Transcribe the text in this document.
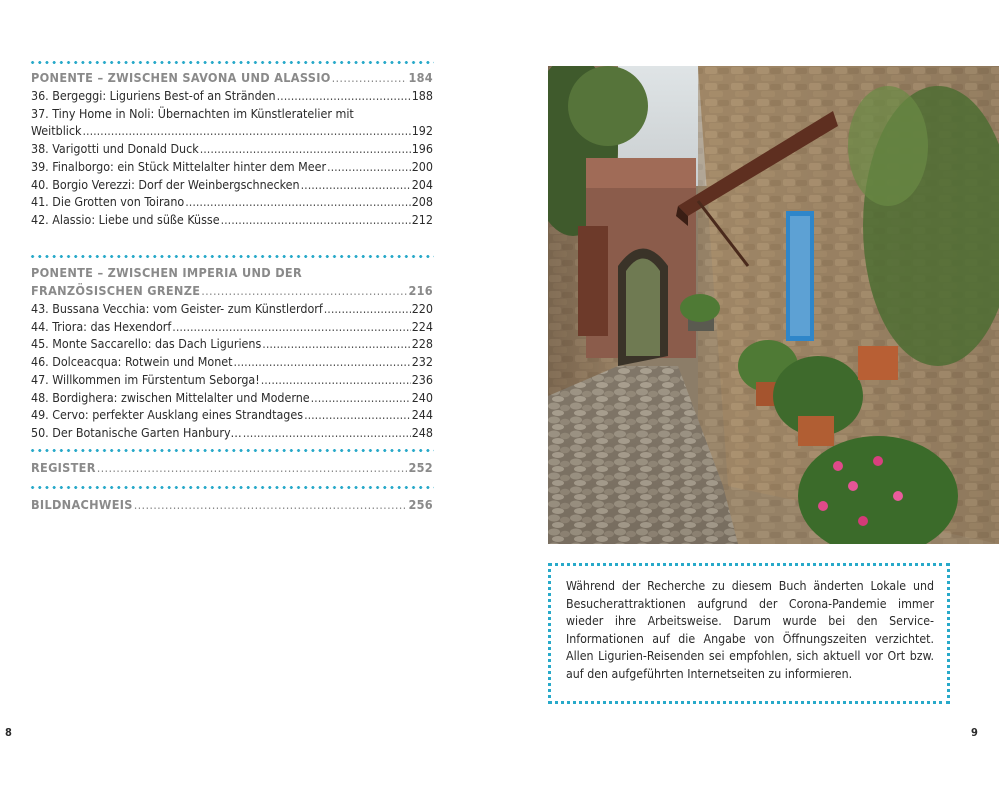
PONENTE – ZWISCHEN SAVONA UND ALASSIO .....	184
36. Bergeggi: Liguriens Best-of an Stränden .....	188
37. Tiny Home in Noli: Übernachten im Künstleratelier mit
Weitblick .....	192
38. Varigotti und Donald Duck .....	196
39. Finalborgo: ein Stück Mittelalter hinter dem Meer .....	200
40. Borgio Verezzi: Dorf der Weinbergschnecken .....	204
41. Die Grotten von Toirano .....	208
42. Alassio: Liebe und süße Küsse .....	212
PONENTE – ZWISCHEN IMPERIA UND DER
FRANZÖSISCHEN GRENZE .....	216
43. Bussana Vecchia: vom Geister- zum Künstlerdorf .....	220
44. Triora: das Hexendorf .....	224
45. Monte Saccarello: das Dach Liguriens .....	228
46. Dolceacqua: Rotwein und Monet .....	232
47. Willkommen im Fürstentum Seborga! .....	236
48. Bordighera: zwischen Mittelalter und Moderne .....	240
49. Cervo: perfekter Ausklang eines Strandtages .....	244
50. Der Botanische Garten Hanbury… .....	248
REGISTER .....	252
BILDNACHWEIS .....	256
8
Während der Recherche zu diesem Buch änderten Lokale und Besucherattraktionen aufgrund der Corona-Pandemie immer wieder ihre Arbeitsweise. Darum wurde bei den Service-Informationen auf die Angabe von Öffnungszeiten verzichtet. Allen Ligurien-Reisenden sei empfohlen, sich aktuell vor Ort bzw. auf den aufgeführten Internetseiten zu informieren.
9
